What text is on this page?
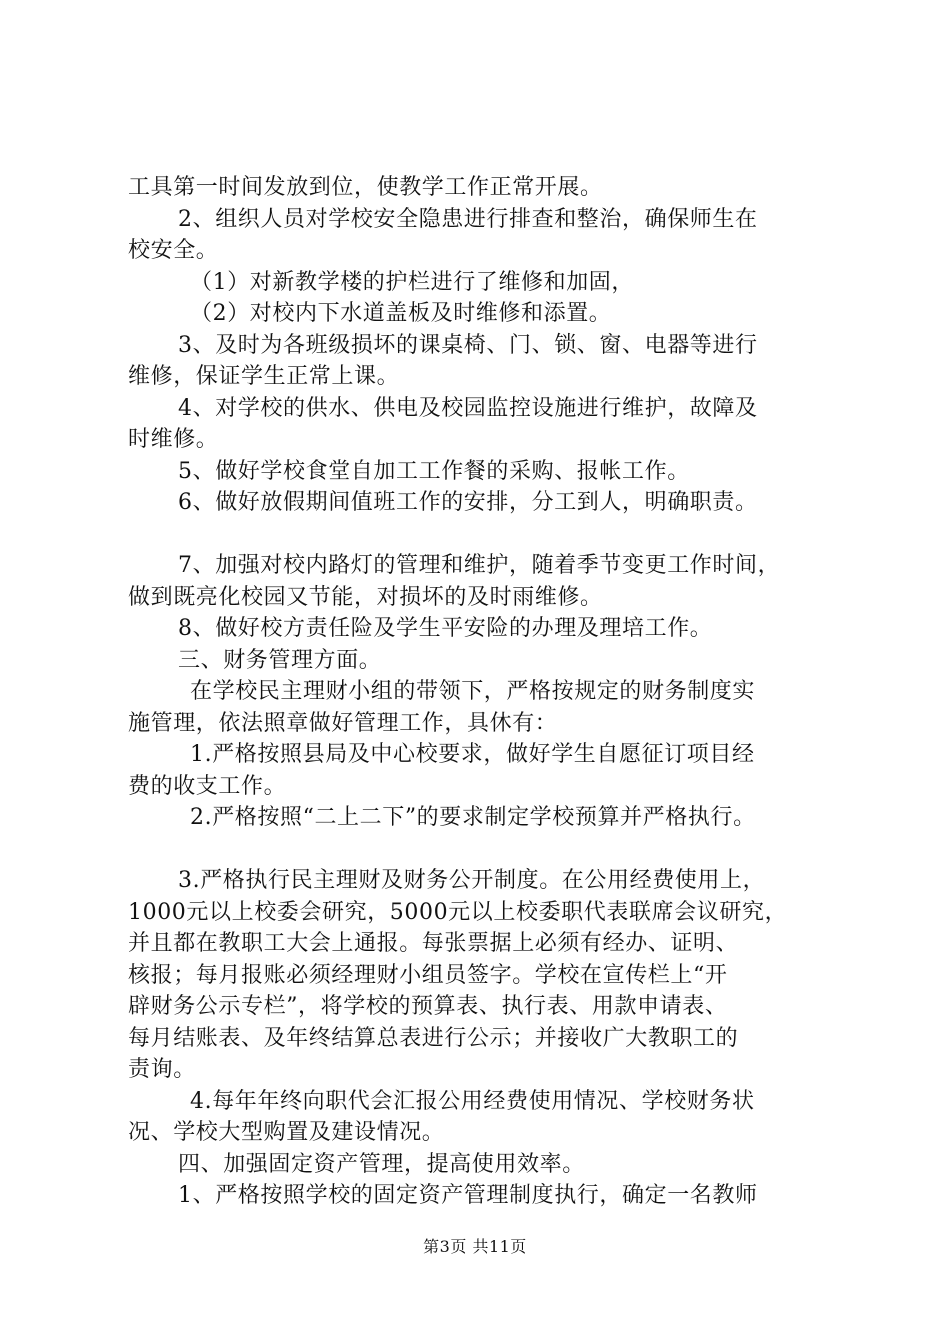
工具第一时间发放到位，使教学工作正常开展。
2、组织人员对学校安全隐患进行排查和整治，确保师生在
校安全。
（1）对新教学楼的护栏进行了维修和加固，
（2）对校内下水道盖板及时维修和添置。
3、及时为各班级损坏的课桌椅、门、锁、窗、电器等进行
维修，保证学生正常上课。
4、对学校的供水、供电及校园监控设施进行维护，故障及
时维修。
5、做好学校食堂自加工工作餐的采购、报帐工作。
6、做好放假期间值班工作的安排，分工到人，明确职责。
7、加强对校内路灯的管理和维护，随着季节变更工作时间，
做到既亮化校园又节能，对损坏的及时雨维修。
8、做好校方责任险及学生平安险的办理及理培工作。
三、财务管理方面。
在学校民主理财小组的带领下，严格按规定的财务制度实
施管理，依法照章做好管理工作，具休有：
1.严格按照县局及中心校要求，做好学生自愿征订项目经
费的收支工作。
2.严格按照“二上二下”的要求制定学校预算并严格执行。
3.严格执行民主理财及财务公开制度。在公用经费使用上，
1000元以上校委会研究，5000元以上校委职代表联席会议研究，
并且都在教职工大会上通报。每张票据上必须有经办、证明、
核报；每月报账必须经理财小组员签字。学校在宣传栏上“开
辟财务公示专栏”，将学校的预算表、执行表、用款申请表、
每月结账表、及年终结算总表进行公示；并接收广大教职工的
责询。
4.每年年终向职代会汇报公用经费使用情况、学校财务状
况、学校大型购置及建设情况。
四、加强固定资产管理，提高使用效率。
1、严格按照学校的固定资产管理制度执行，确定一名教师
第3页 共11页
